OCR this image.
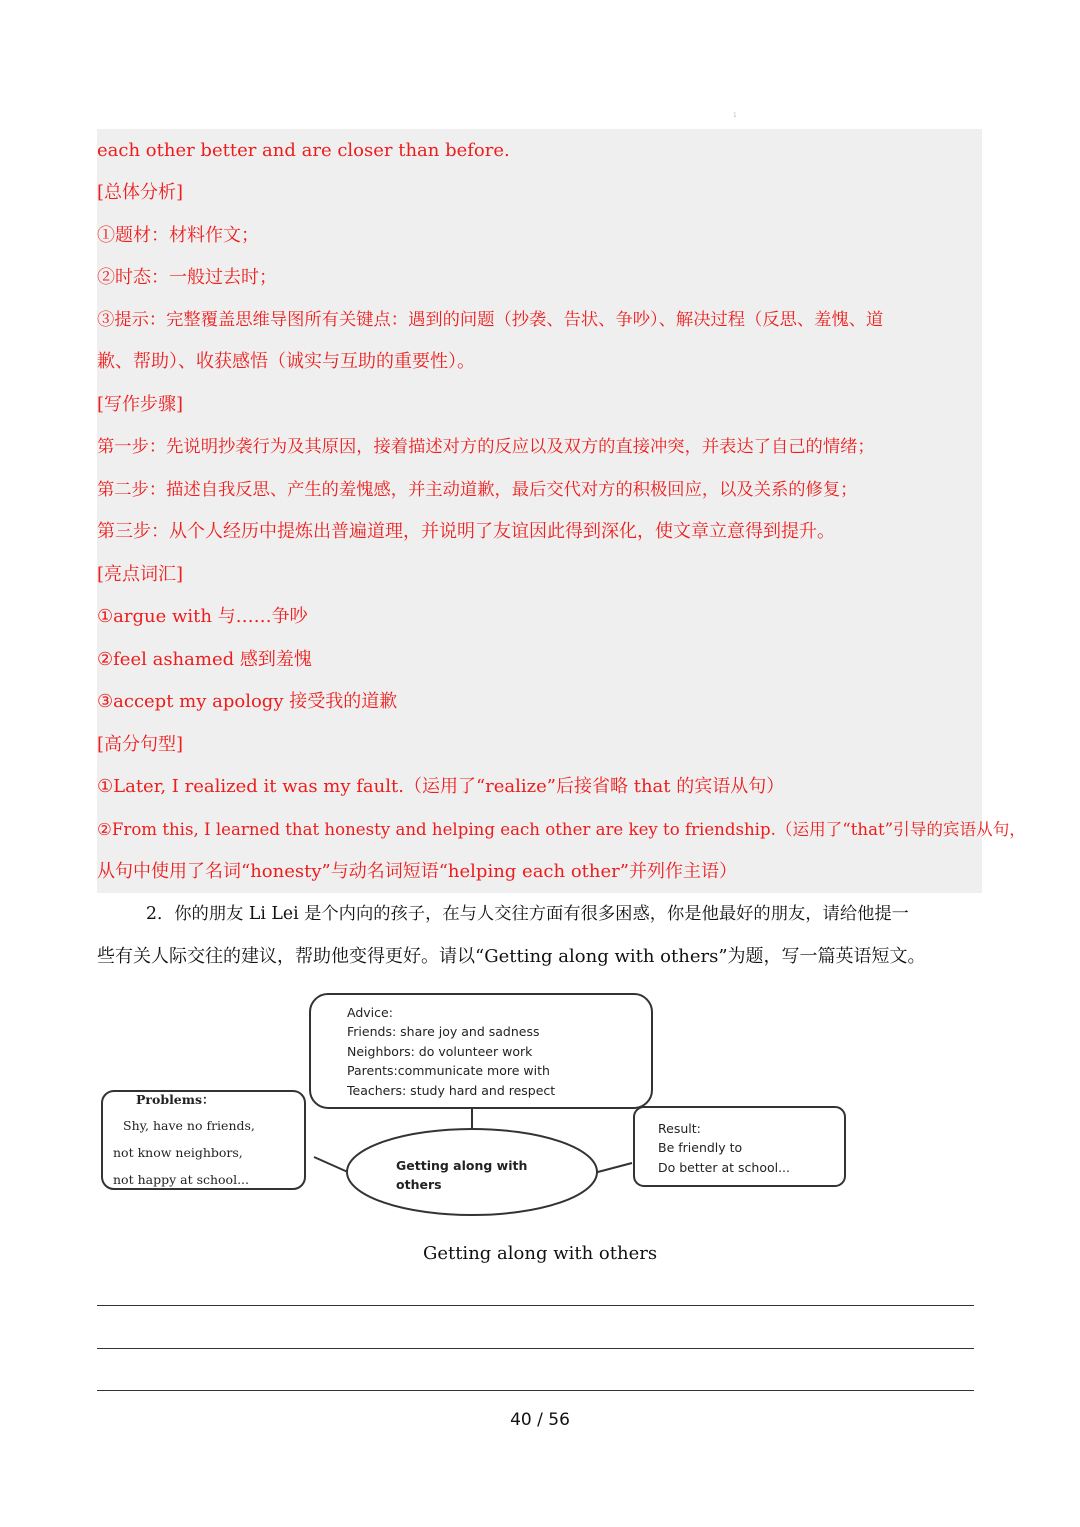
1
each other better and are closer than before.
[总体分析]
①题材：材料作文；
②时态：一般过去时；
③提示：完整覆盖思维导图所有关键点：遇到的问题（抄袭、告状、争吵）、解决过程（反思、羞愧、道
歉、帮助）、收获感悟（诚实与互助的重要性）。
[写作步骤]
第一步：先说明抄袭行为及其原因，接着描述对方的反应以及双方的直接冲突，并表达了自己的情绪；
第二步：描述自我反思、产生的羞愧感，并主动道歉，最后交代对方的积极回应，以及关系的修复；
第三步：从个人经历中提炼出普遍道理，并说明了友谊因此得到深化，使文章立意得到提升。
[亮点词汇]
①argue with 与……争吵
②feel ashamed 感到羞愧
③accept my apology 接受我的道歉
[高分句型]
①Later, I realized it was my fault.（运用了“realize”后接省略 that 的宾语从句）
②From this, I learned that honesty and helping each other are key to friendship.（运用了“that”引导的宾语从句，
从句中使用了名词“honesty”与动名词短语“helping each other”并列作主语）
2．你的朋友 Li Lei 是个内向的孩子，在与人交往方面有很多困惑，你是他最好的朋友，请给他提一
些有关人际交往的建议，帮助他变得更好。请以“Getting along with others”为题，写一篇英语短文。
Advice:
Friends: share joy and sadness
Neighbors: do volunteer work
Parents:communicate more with
Teachers: study hard and respect
Problems：
Shy, have no friends,
not know neighbors,
not happy at school...
Result:
Be friendly to
Do better at school...
Getting along with
others
Getting along with others
40 / 56
